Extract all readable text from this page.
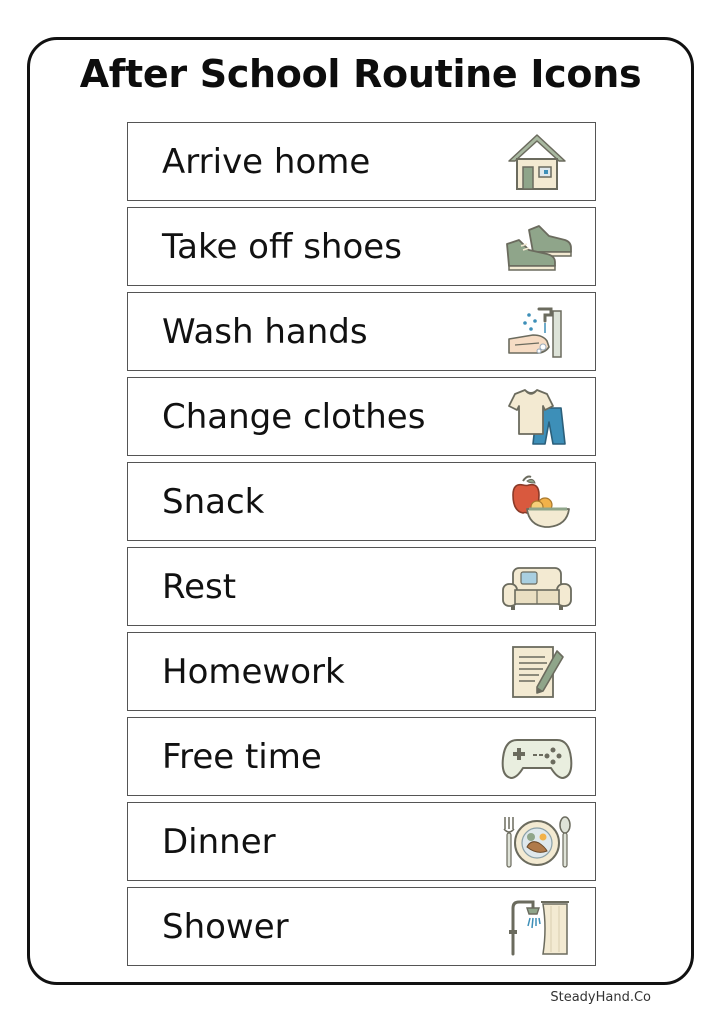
After School Routine Icons
Arrive home
Take off shoes
Wash hands
Change clothes
Snack
Rest
Homework
Free time
Dinner
Shower
SteadyHand.Co
